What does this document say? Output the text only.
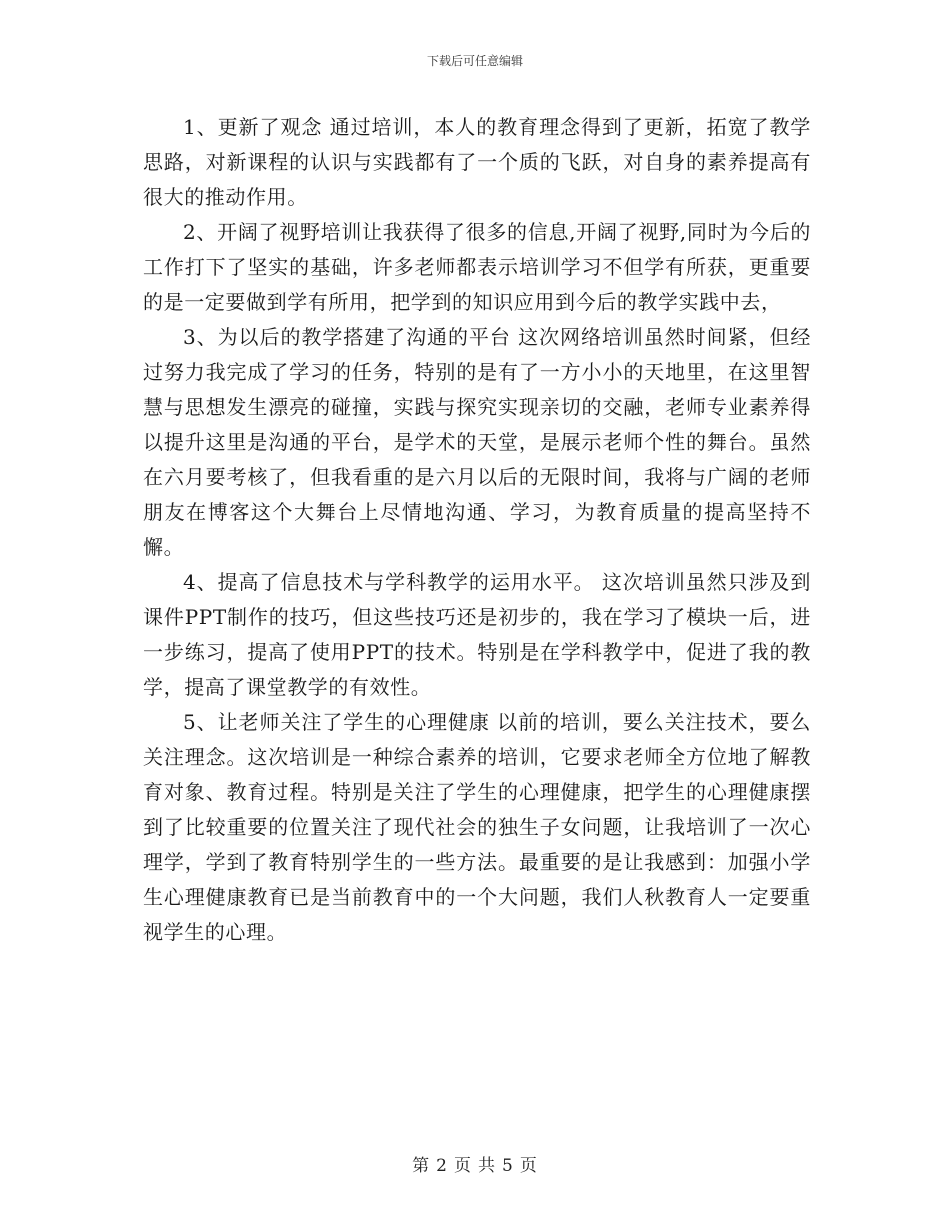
下载后可任意编辑

1、更新了观念 通过培训，本人的教育理念得到了更新，拓宽了教学思路，对新课程的认识与实践都有了一个质的飞跃，对自身的素养提高有很大的推动作用。

2、开阔了视野培训让我获得了很多的信息,开阔了视野,同时为今后的工作打下了坚实的基础，许多老师都表示培训学习不但学有所获，更重要的是一定要做到学有所用，把学到的知识应用到今后的教学实践中去，

3、为以后的教学搭建了沟通的平台 这次网络培训虽然时间紧，但经过努力我完成了学习的任务，特别的是有了一方小小的天地里，在这里智慧与思想发生漂亮的碰撞，实践与探究实现亲切的交融，老师专业素养得以提升这里是沟通的平台，是学术的天堂，是展示老师个性的舞台。虽然在六月要考核了，但我看重的是六月以后的无限时间，我将与广阔的老师朋友在博客这个大舞台上尽情地沟通、学习，为教育质量的提高坚持不懈。

4、提高了信息技术与学科教学的运用水平。 这次培训虽然只涉及到课件PPT制作的技巧，但这些技巧还是初步的，我在学习了模块一后，进一步练习，提高了使用PPT的技术。特别是在学科教学中，促进了我的教学，提高了课堂教学的有效性。

5、让老师关注了学生的心理健康 以前的培训，要么关注技术，要么关注理念。这次培训是一种综合素养的培训，它要求老师全方位地了解教育对象、教育过程。特别是关注了学生的心理健康，把学生的心理健康摆到了比较重要的位置关注了现代社会的独生子女问题，让我培训了一次心理学，学到了教育特别学生的一些方法。最重要的是让我感到：加强小学生心理健康教育已是当前教育中的一个大问题，我们人秋教育人一定要重视学生的心理。

第 2 页 共 5 页
